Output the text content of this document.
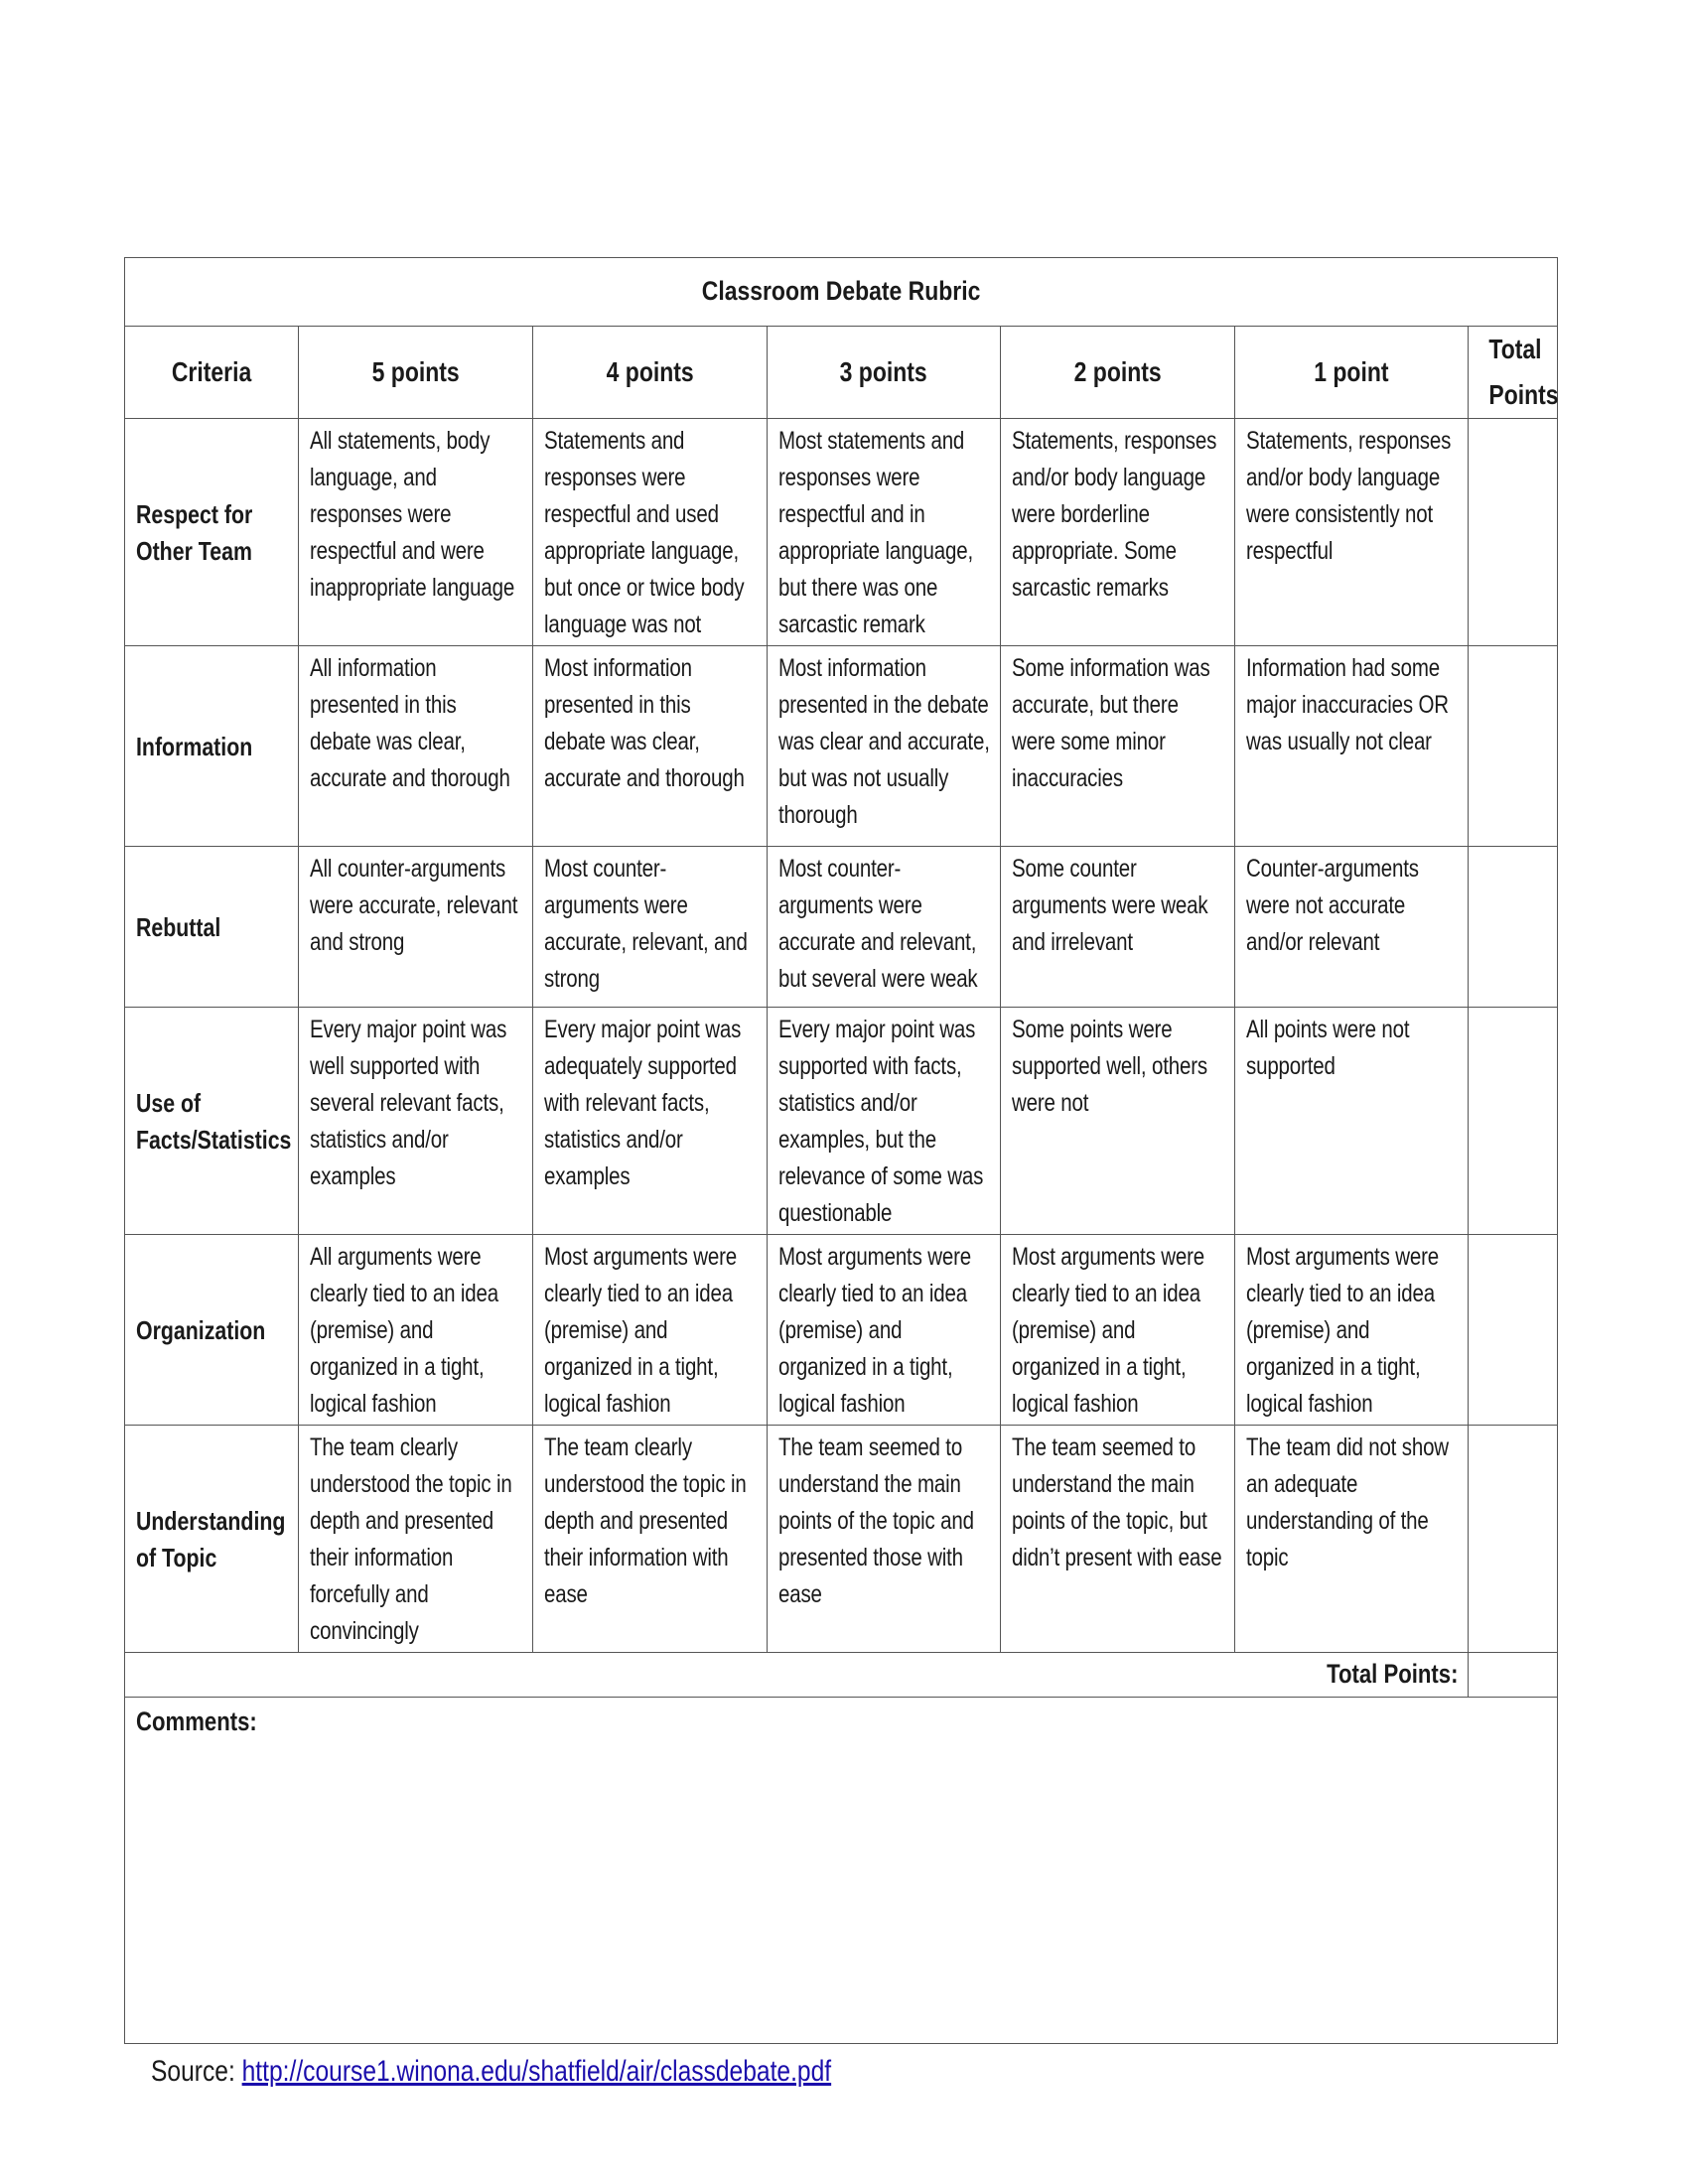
Classroom Debate Rubric						
Criteria	5 points	4 points	3 points	2 points	1 point	Total Points

Respect for Other Team	All statements, body language, and responses were respectful and were inappropriate language	Statements and responses were respectful and used appropriate language, but once or twice body language was not	Most statements and responses were respectful and in appropriate language, but there was one sarcastic remark	Statements, responses and/or body language were borderline appropriate. Some sarcastic remarks	Statements, responses and/or body language were consistently not respectful	

Information	All information presented in this debate was clear, accurate and thorough	Most information presented in this debate was clear, accurate and thorough	Most information presented in the debate was clear and accurate, but was not usually thorough	Some information was accurate, but there were some minor inaccuracies	Information had some major inaccuracies OR was usually not clear	

Rebuttal	All counter-arguments were accurate, relevant and strong	Most counter-arguments were accurate, relevant, and strong	Most counter-arguments were accurate and relevant, but several were weak	Some counter arguments were weak and irrelevant	Counter-arguments were not accurate and/or relevant	

Use of Facts/Statistics	Every major point was well supported with several relevant facts, statistics and/or examples	Every major point was adequately supported with relevant facts, statistics and/or examples	Every major point was supported with facts, statistics and/or examples, but the relevance of some was questionable	Some points were supported well, others were not	All points were not supported	

Organization	All arguments were clearly tied to an idea (premise) and organized in a tight, logical fashion	Most arguments were clearly tied to an idea (premise) and organized in a tight, logical fashion	Most arguments were clearly tied to an idea (premise) and organized in a tight, logical fashion	Most arguments were clearly tied to an idea (premise) and organized in a tight, logical fashion	Most arguments were clearly tied to an idea (premise) and organized in a tight, logical fashion	

Understanding of Topic	The team clearly understood the topic in depth and presented their information forcefully and convincingly	The team clearly understood the topic in depth and presented their information with ease	The team seemed to understand the main points of the topic and presented those with ease	The team seemed to understand the main points of the topic, but didn’t present with ease	The team did not show an adequate understanding of the topic	

Total Points:						
Comments:						
Source: http://course1.winona.edu/shatfield/air/classdebate.pdf
